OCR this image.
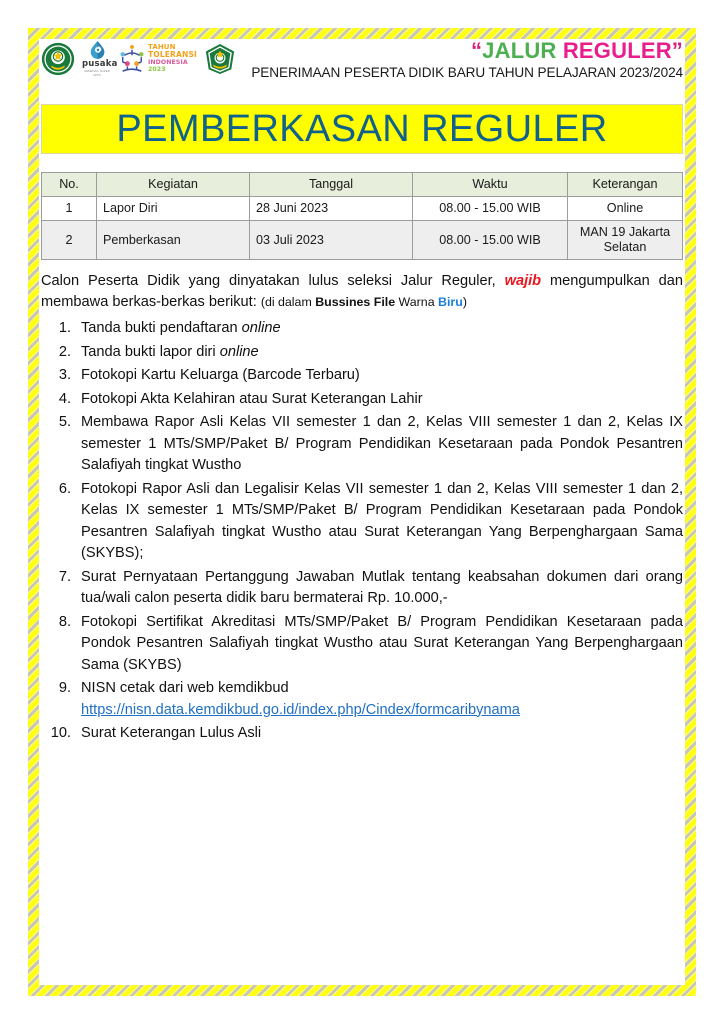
pusaka
KEMENAG SUPER APPS
TAHUN
TOLERANSI
INDONESIA
2023
“JALUR REGULER”
PENERIMAAN PESERTA DIDIK BARU TAHUN PELAJARAN 2023/2024
PEMBERKASAN REGULER
No.	Kegiatan	Tanggal	Waktu	Keterangan
1	Lapor Diri	28 Juni 2023	08.00 - 15.00 WIB	Online
2	Pemberkasan	03 Juli 2023	08.00 - 15.00 WIB	MAN 19 Jakarta Selatan
Calon Peserta Didik yang dinyatakan lulus seleksi Jalur Reguler, wajib mengumpulkan dan membawa berkas-berkas berikut: (di dalam Bussines File Warna Biru)
1. Tanda bukti pendaftaran online
2. Tanda bukti lapor diri online
3. Fotokopi Kartu Keluarga (Barcode Terbaru)
4. Fotokopi Akta Kelahiran atau Surat Keterangan Lahir
5. Membawa Rapor Asli Kelas VII semester 1 dan 2, Kelas VIII semester 1 dan 2, Kelas IX semester 1 MTs/SMP/Paket B/ Program Pendidikan Kesetaraan pada Pondok Pesantren Salafiyah tingkat Wustho
6. Fotokopi Rapor Asli dan Legalisir Kelas VII semester 1 dan 2, Kelas VIII semester 1 dan 2, Kelas IX semester 1 MTs/SMP/Paket B/ Program Pendidikan Kesetaraan pada Pondok Pesantren Salafiyah tingkat Wustho atau Surat Keterangan Yang Berpenghargaan Sama (SKYBS);
7. Surat Pernyataan Pertanggung Jawaban Mutlak tentang keabsahan dokumen dari orang tua/wali calon peserta didik baru bermaterai Rp. 10.000,-
8. Fotokopi Sertifikat Akreditasi MTs/SMP/Paket B/ Program Pendidikan Kesetaraan pada Pondok Pesantren Salafiyah tingkat Wustho atau Surat Keterangan Yang Berpenghargaan Sama (SKYBS)
9. NISN cetak dari web kemdikbud
https://nisn.data.kemdikbud.go.id/index.php/Cindex/formcaribynama
10. Surat Keterangan Lulus Asli
